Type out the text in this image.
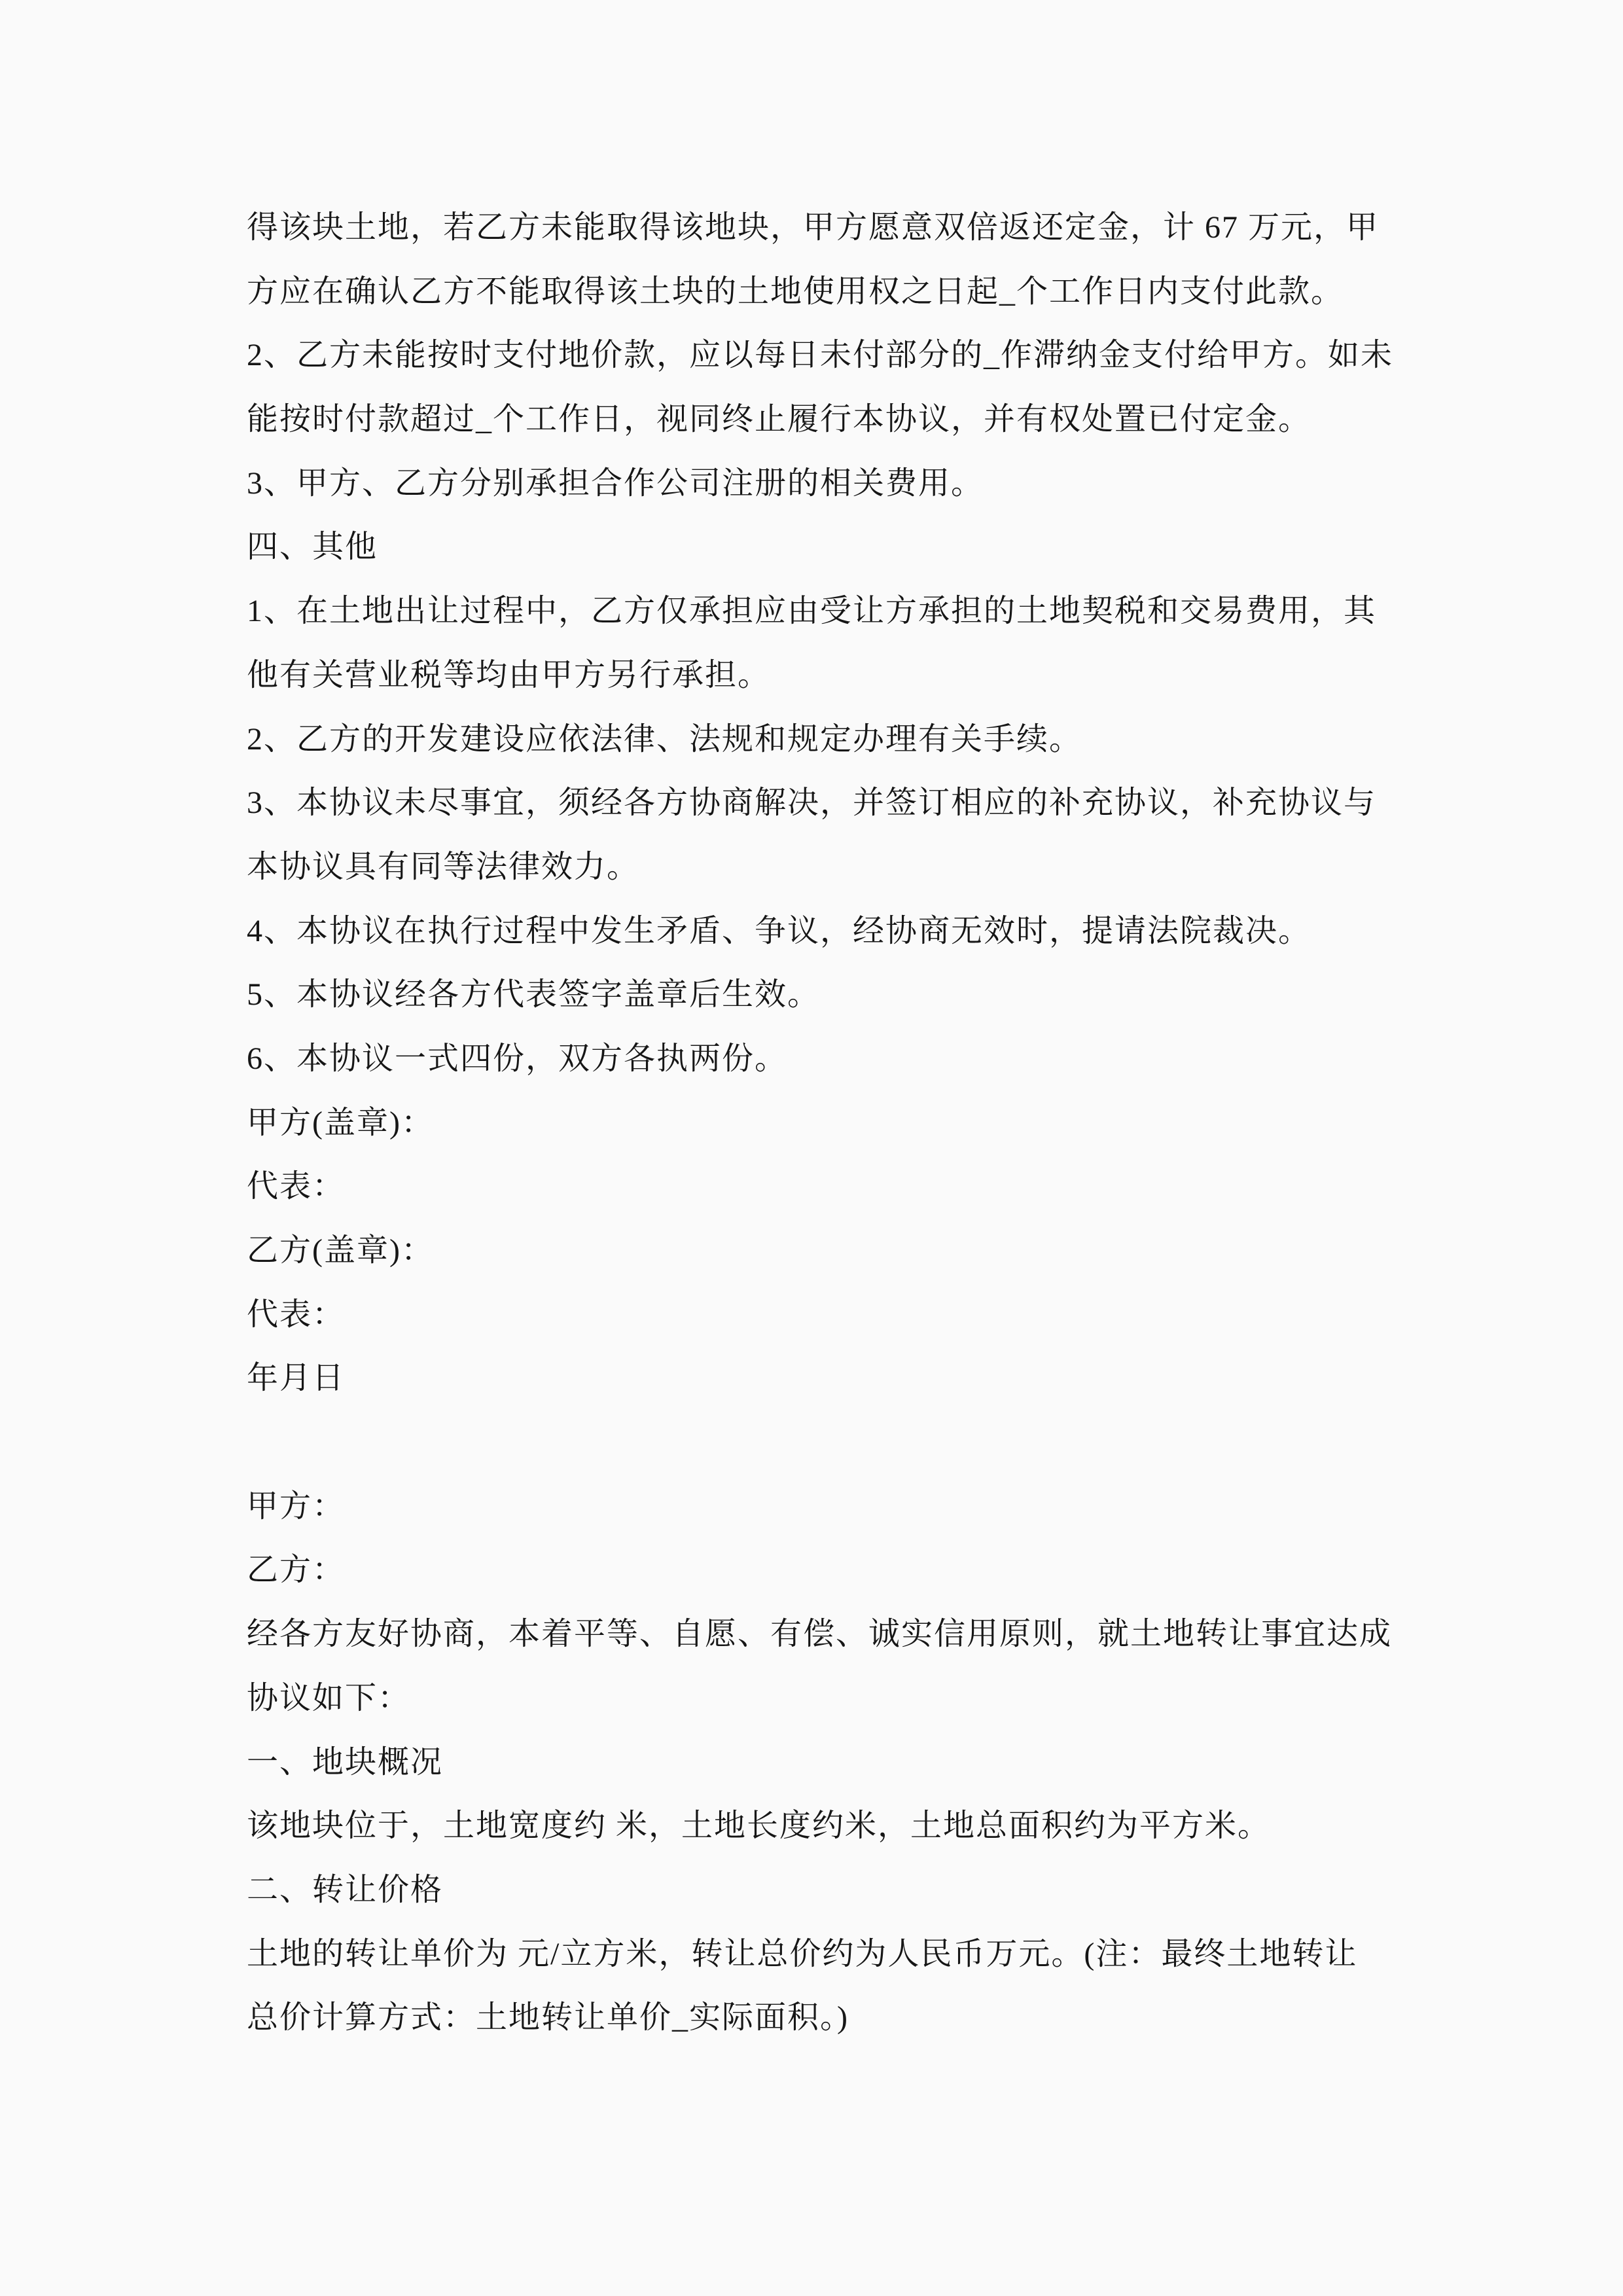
得该块土地，若乙方未能取得该地块，甲方愿意双倍返还定金，计 67 万元，甲
方应在确认乙方不能取得该土块的土地使用权之日起_个工作日内支付此款。
2、乙方未能按时支付地价款，应以每日未付部分的_作滞纳金支付给甲方。如未
能按时付款超过_个工作日，视同终止履行本协议，并有权处置已付定金。
3、甲方、乙方分别承担合作公司注册的相关费用。
四、其他
1、在土地出让过程中，乙方仅承担应由受让方承担的土地契税和交易费用，其
他有关营业税等均由甲方另行承担。
2、乙方的开发建设应依法律、法规和规定办理有关手续。
3、本协议未尽事宜，须经各方协商解决，并签订相应的补充协议，补充协议与
本协议具有同等法律效力。
4、本协议在执行过程中发生矛盾、争议，经协商无效时，提请法院裁决。
5、本协议经各方代表签字盖章后生效。
6、本协议一式四份，双方各执两份。
甲方(盖章)：
代表：
乙方(盖章)：
代表：
年月日
甲方：
乙方：
经各方友好协商，本着平等、自愿、有偿、诚实信用原则，就土地转让事宜达成
协议如下：
一、地块概况
该地块位于，土地宽度约 米，土地长度约米，土地总面积约为平方米。
二、转让价格
土地的转让单价为 元/立方米，转让总价约为人民币万元。(注：最终土地转让
总价计算方式：土地转让单价_实际面积。)
